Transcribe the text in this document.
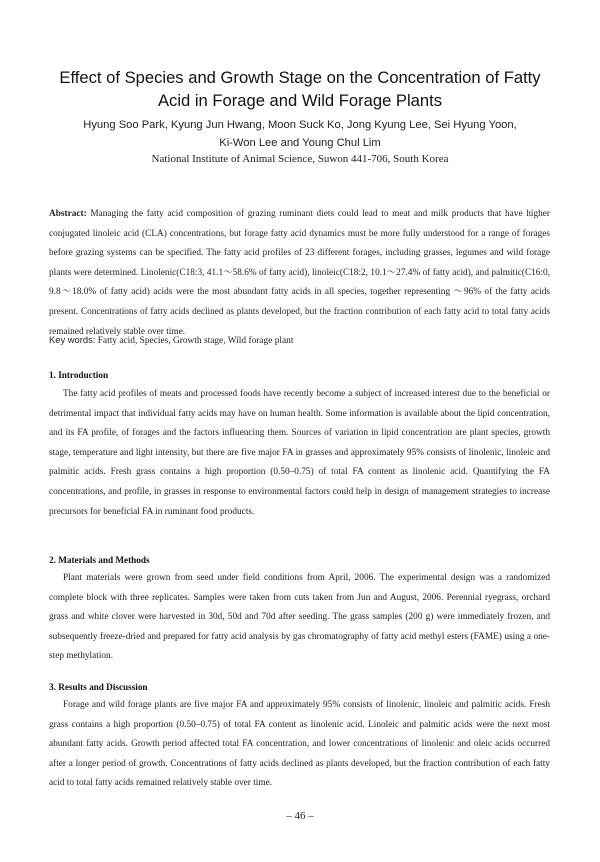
Effect of Species and Growth Stage on the Concentration of Fatty
Acid in Forage and Wild Forage Plants
Hyung Soo Park, Kyung Jun Hwang, Moon Suck Ko, Jong Kyung Lee, Sei Hyung Yoon,
Ki-Won Lee and Young Chul Lim
National Institute of Animal Science, Suwon 441-706, South Korea
Abstract: Managing the fatty acid composition of grazing ruminant diets could lead to meat and milk products that have higher conjugated linoleic acid (CLA) concentrations, but forage fatty acid dynamics must be more fully understood for a range of forages before grazing systems can be specified. The fatty acid profiles of 23 different forages, including grasses, legumes and wild forage plants were determined. Linolenic(C18:3, 41.1～58.6% of fatty acid), linoleic(C18:2, 10.1～27.4% of fatty acid), and palmitic(C16:0, 9.8～18.0% of fatty acid) acids were the most abundant fatty acids in all species, together representing ～96% of the fatty acids present. Concentrations of fatty acids declined as plants developed, but the fraction contribution of each fatty acid to total fatty acids remained relatively stable over time.
Key words: Fatty acid, Species, Growth stage, Wild forage plant
1. Introduction
The fatty acid profiles of meats and processed foods have recently become a subject of increased interest due to the beneficial or detrimental impact that individual fatty acids may have on human health. Some information is available about the lipid concentration, and its FA profile, of forages and the factors influencing them. Sources of variation in lipid concentration are plant species, growth stage, temperature and light intensity, but there are five major FA in grasses and approximately 95% consists of linolenic, linoleic and palmitic acids. Fresh grass contains a high proportion (0.50–0.75) of total FA content as linolenic acid. Quantifying the FA concentrations, and profile, in grasses in response to environmental factors could help in design of management strategies to increase precursors for beneficial FA in ruminant food products.
2. Materials and Methods
Plant materials were grown from seed under field conditions from April, 2006. The experimental design was a randomized complete block with three replicates. Samples were taken from cuts taken from Jun and August, 2006. Perennial ryegrass, orchard grass and white clover were harvested in 30d, 50d and 70d after seeding. The grass samples (200 g) were immediately frozen, and subsequently freeze-dried and prepared for fatty acid analysis by gas chromatography of fatty acid methyl esters (FAME) using a one-step methylation.
3. Results and Discussion
Forage and wild forage plants are five major FA and approximately 95% consists of linolenic, linoleic and palmitic acids. Fresh grass contains a high proportion (0.50–0.75) of total FA content as linolenic acid. Linoleic and palmitic acids were the next most abundant fatty acids. Growth period affected total FA concentration, and lower concentrations of linolenic and oleic acids occurred after a longer period of growth. Concentrations of fatty acids declined as plants developed, but the fraction contribution of each fatty acid to total fatty acids remained relatively stable over time.
– 46 –
